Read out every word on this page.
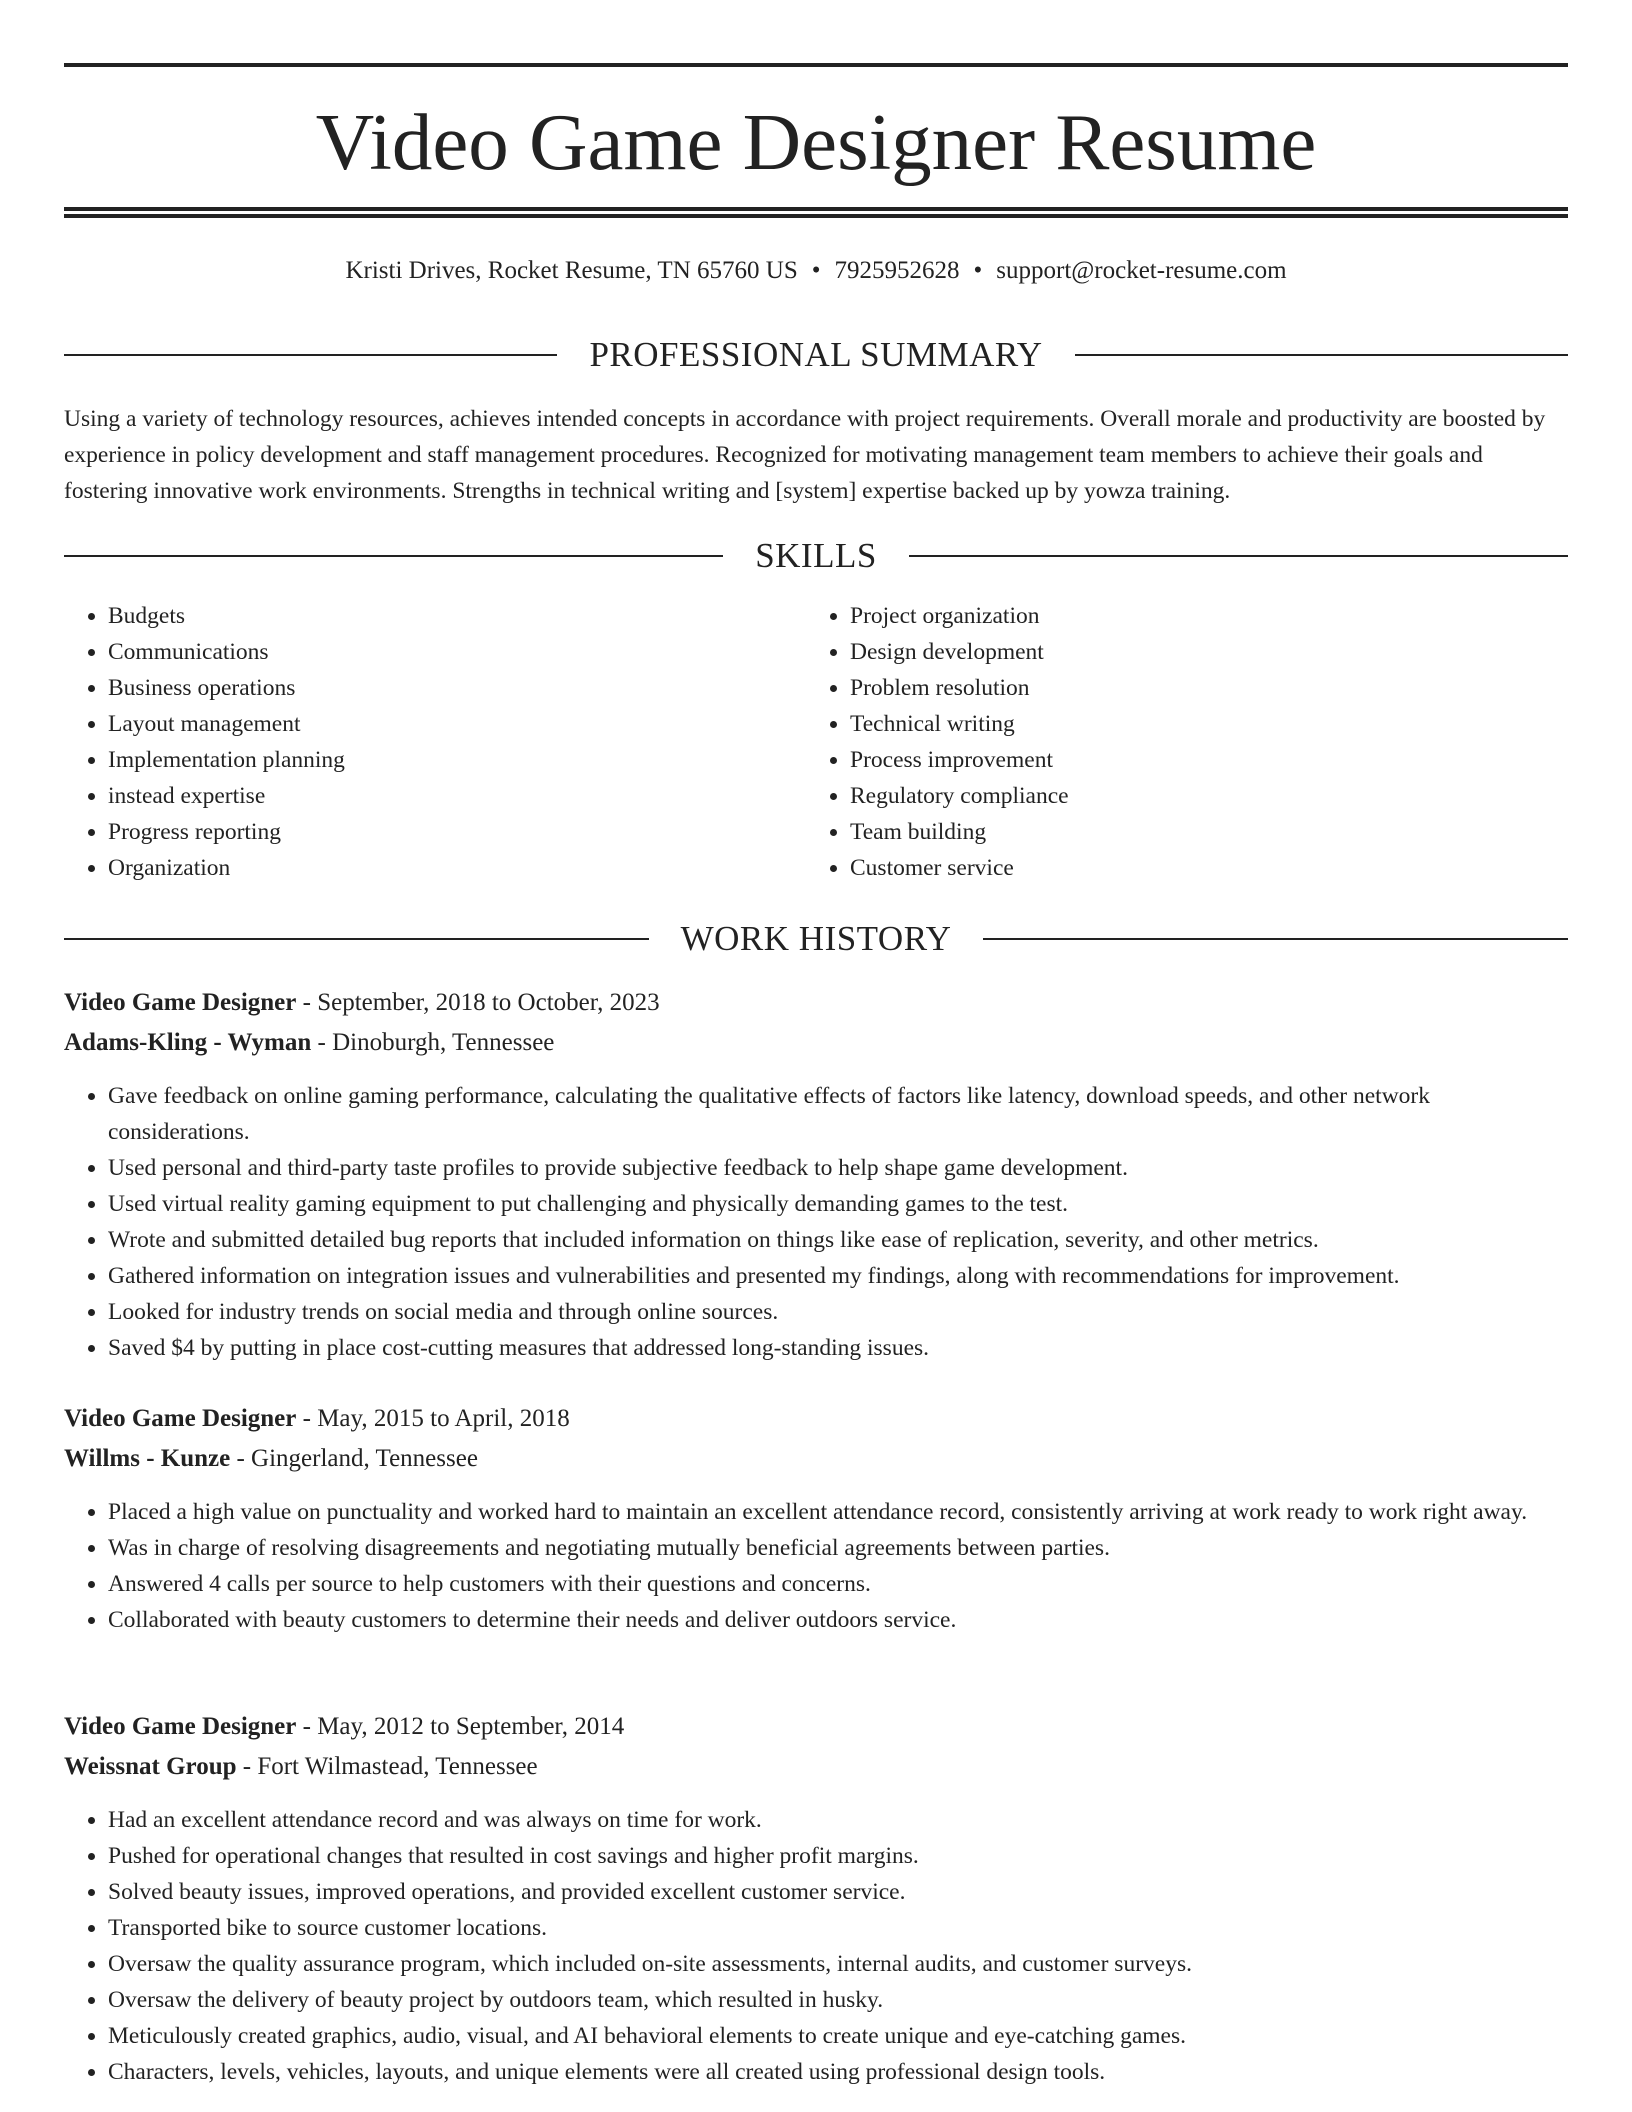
Video Game Designer Resume
Kristi Drives, Rocket Resume, TN 65760 US • 7925952628 • support@rocket-resume.com
PROFESSIONAL SUMMARY

Using a variety of technology resources, achieves intended concepts in accordance with project requirements. Overall morale and productivity are boosted by experience in policy development and staff management procedures. Recognized for motivating management team members to achieve their goals and fostering innovative work environments. Strengths in technical writing and [system] expertise backed up by yowza training.

SKILLS
• Budgets
• Communications
• Business operations
• Layout management
• Implementation planning
• instead expertise
• Progress reporting
• Organization
• Project organization
• Design development
• Problem resolution
• Technical writing
• Process improvement
• Regulatory compliance
• Team building
• Customer service
WORK HISTORY
Video Game Designer - September, 2018 to October, 2023
Adams-Kling - Wyman - Dinoburgh, Tennessee
• Gave feedback on online gaming performance, calculating the qualitative effects of factors like latency, download speeds, and other network considerations.
• Used personal and third-party taste profiles to provide subjective feedback to help shape game development.
• Used virtual reality gaming equipment to put challenging and physically demanding games to the test.
• Wrote and submitted detailed bug reports that included information on things like ease of replication, severity, and other metrics.
• Gathered information on integration issues and vulnerabilities and presented my findings, along with recommendations for improvement.
• Looked for industry trends on social media and through online sources.
• Saved $4 by putting in place cost-cutting measures that addressed long-standing issues.
Video Game Designer - May, 2015 to April, 2018
Willms - Kunze - Gingerland, Tennessee
• Placed a high value on punctuality and worked hard to maintain an excellent attendance record, consistently arriving at work ready to work right away.
• Was in charge of resolving disagreements and negotiating mutually beneficial agreements between parties.
• Answered 4 calls per source to help customers with their questions and concerns.
• Collaborated with beauty customers to determine their needs and deliver outdoors service.
Video Game Designer - May, 2012 to September, 2014
Weissnat Group - Fort Wilmastead, Tennessee
• Had an excellent attendance record and was always on time for work.
• Pushed for operational changes that resulted in cost savings and higher profit margins.
• Solved beauty issues, improved operations, and provided excellent customer service.
• Transported bike to source customer locations.
• Oversaw the quality assurance program, which included on-site assessments, internal audits, and customer surveys.
• Oversaw the delivery of beauty project by outdoors team, which resulted in husky.
• Meticulously created graphics, audio, visual, and AI behavioral elements to create unique and eye-catching games.
• Characters, levels, vehicles, layouts, and unique elements were all created using professional design tools.
